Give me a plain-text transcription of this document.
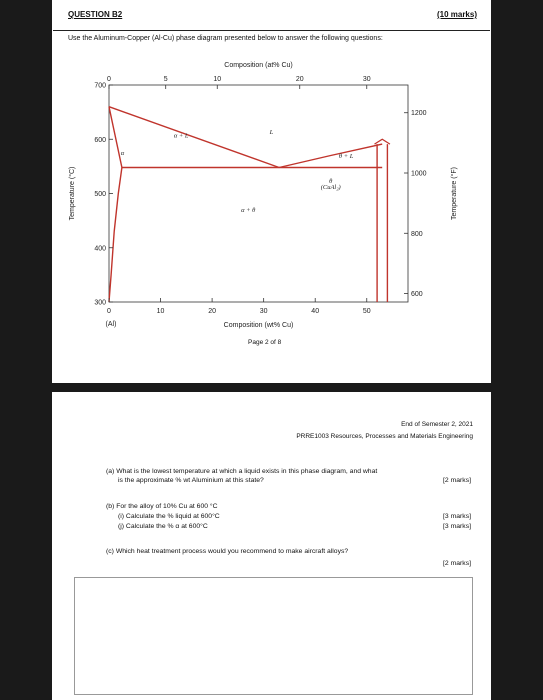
QUESTION B2	(10 marks)
Use the Aluminum-Copper (Al-Cu) phase diagram presented below to answer the following questions:
0	10	20	30	40	50
(Al)	Composition (wt% Cu)
0	5	10	20	30
Composition (at% Cu)
700
600
500
400
300
Temperature (°C)
1200
1000
800
600
Temperature (°F)
α
α + L
L
θ + L
θ
(CuAl₂)
α + θ
Page 2 of 8
End of Semester 2, 2021
PRRE1003 Resources, Processes and Materials Engineering
(a) What is the lowest temperature at which a liquid exists in this phase diagram, and what
is the approximate % wt Aluminium at this state?	[2 marks]
(b) For the alloy of 10% Cu at 600 °C
(i) Calculate the % liquid at 600°C	[3 marks]
(j) Calculate the % α at 600°C	[3 marks]
(c) Which heat treatment process would you recommend to make aircraft alloys?
[2 marks]
